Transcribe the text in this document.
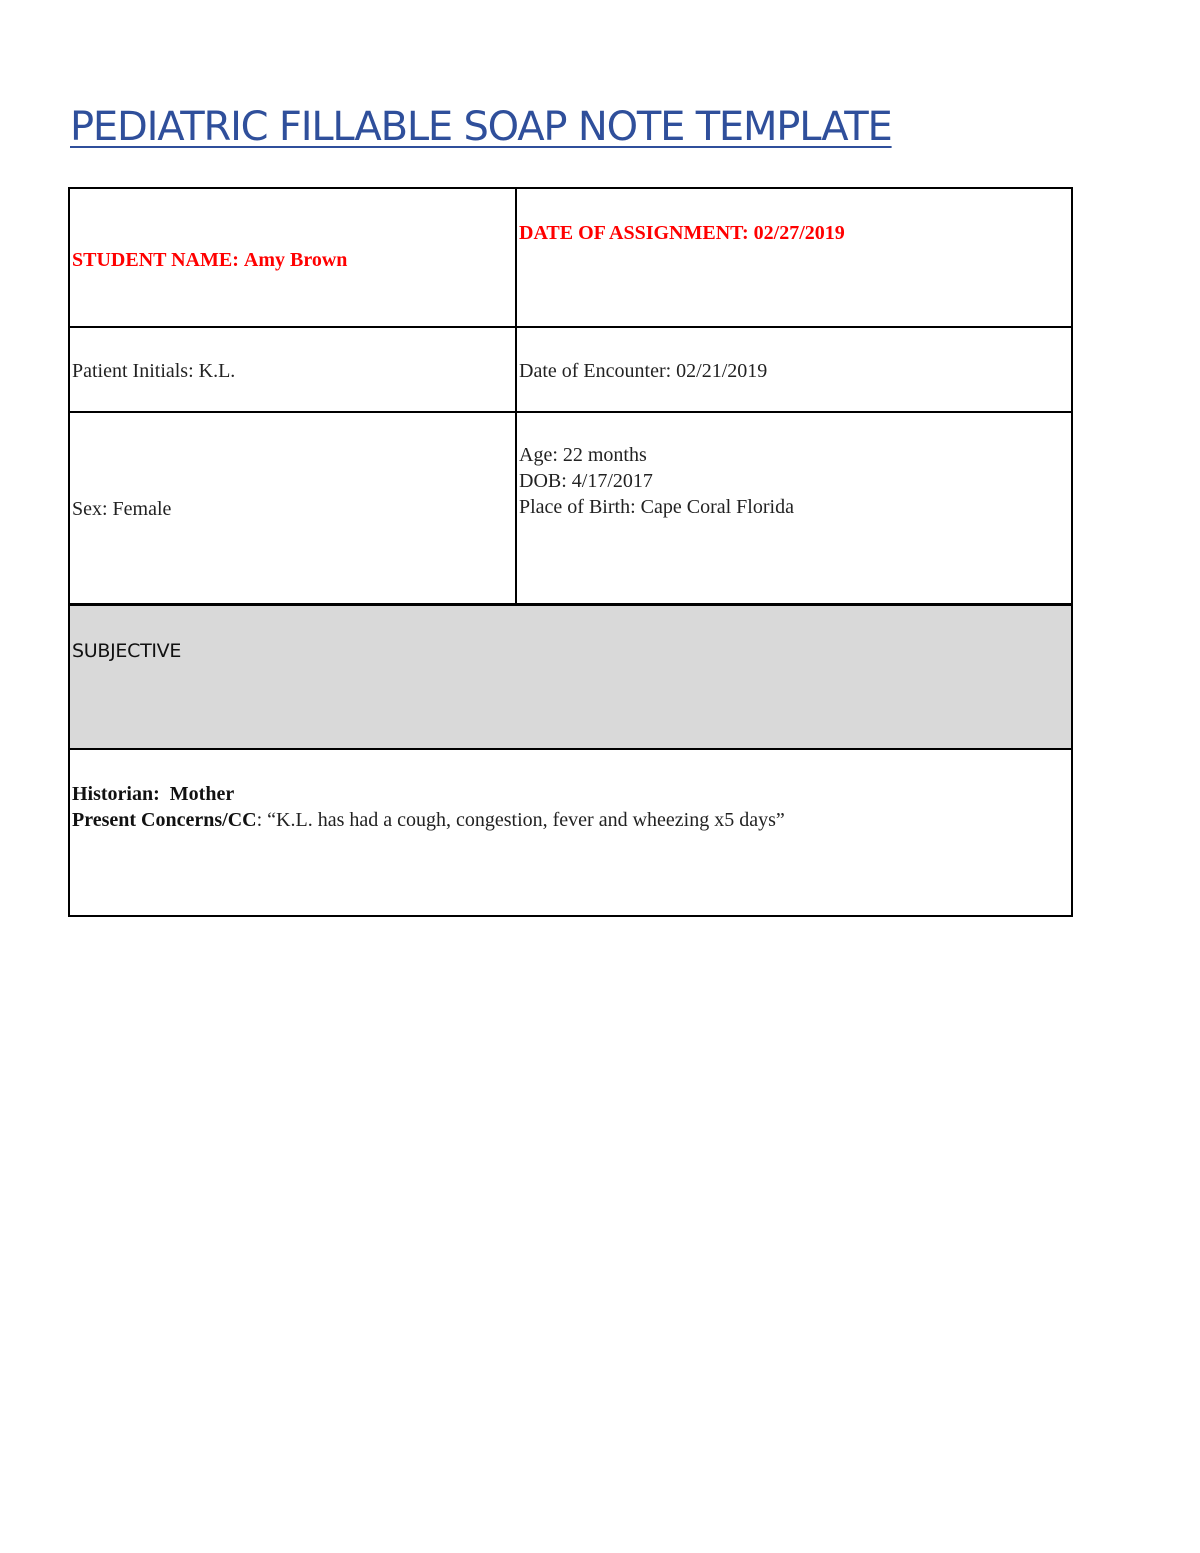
PEDIATRIC FILLABLE SOAP NOTE TEMPLATE
STUDENT NAME: Amy Brown
DATE OF ASSIGNMENT: 02/27/2019
Patient Initials: K.L.	Date of Encounter: 02/21/2019
Sex: Female
Age: 22 months
DOB: 4/17/2017
Place of Birth: Cape Coral Florida
SUBJECTIVE
Historian: Mother
Present Concerns/CC: “K.L. has had a cough, congestion, fever and wheezing x5 days”
